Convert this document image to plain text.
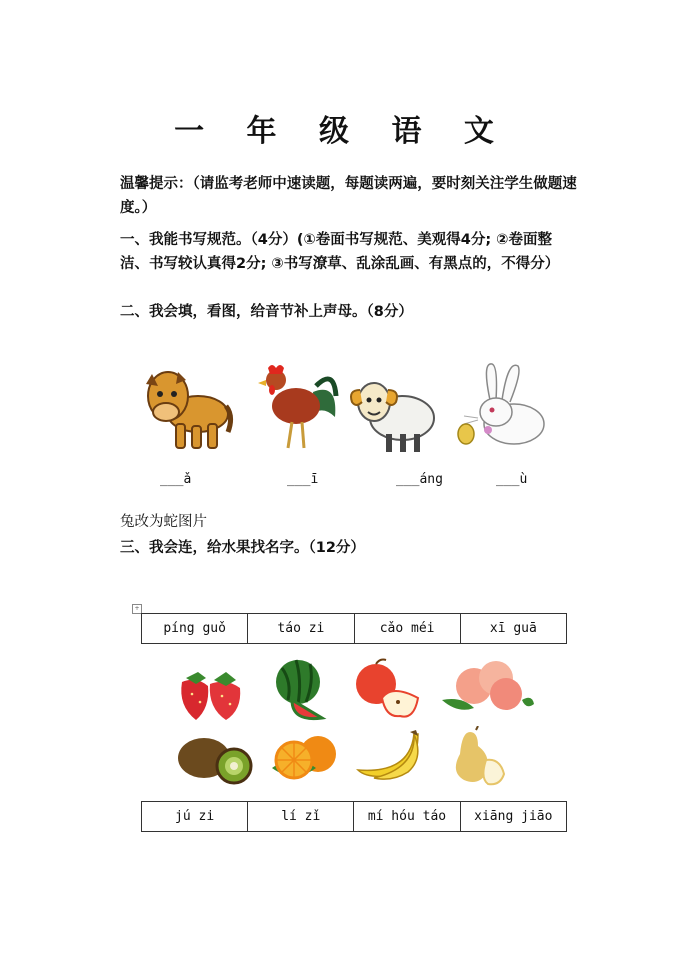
一 年 级 语 文
温馨提示：（请监考老师中速读题，每题读两遍，要时刻关注学生做题速度。）
一、我能书写规范。（4分）(①卷面书写规范、美观得4分; ②卷面整洁、书写较认真得2分; ③书写潦草、乱涂乱画、有黑点的，不得分）
二、我会填，看图，给音节补上声母。（8分）
___ǎ	___ī	___áng	___ù
兔改为蛇图片
三、我会连，给水果找名字。（12分）
+
píng guǒ	táo zi	cǎo méi	xī guā
jú zi	lí zǐ	mí hóu táo	xiāng jiāo
